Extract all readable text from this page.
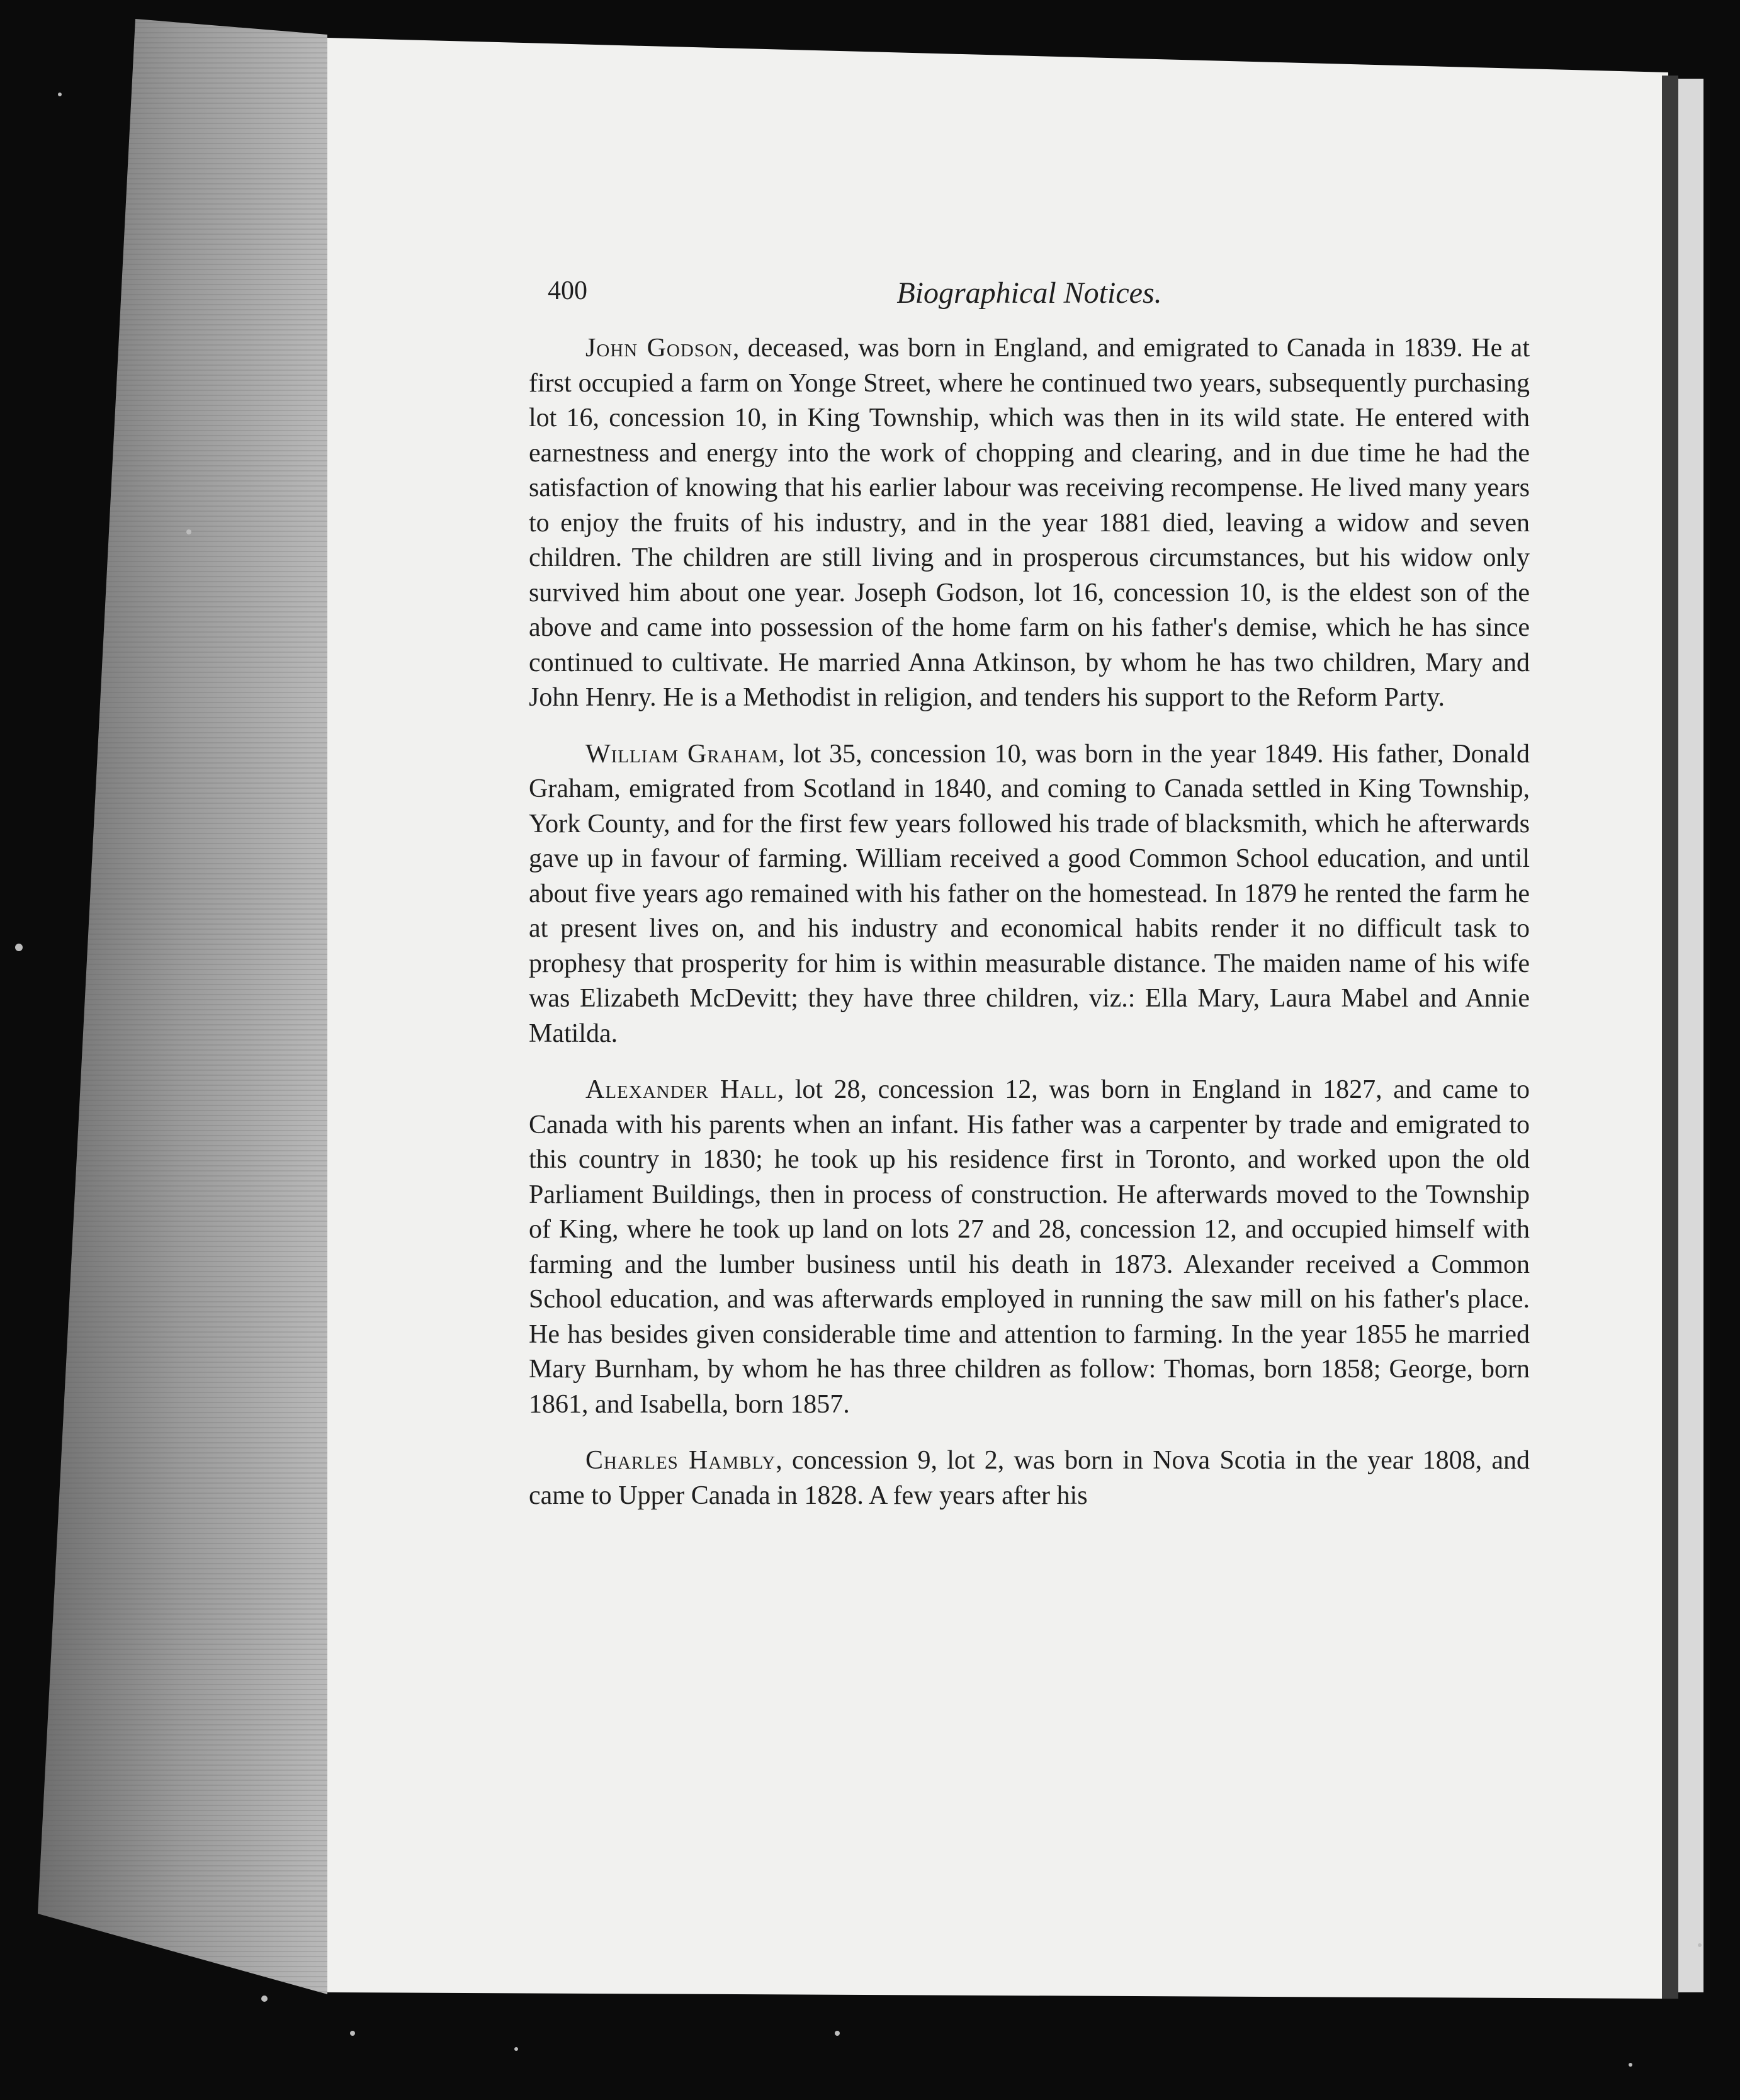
400	Biographical Notices.

John Godson, deceased, was born in England, and emigrated to Canada in 1839. He at first occupied a farm on Yonge Street, where he continued two years, subsequently purchasing lot 16, concession 10, in King Township, which was then in its wild state. He entered with earnestness and energy into the work of chopping and clearing, and in due time he had the satisfaction of knowing that his earlier labour was receiving recompense. He lived many years to enjoy the fruits of his industry, and in the year 1881 died, leaving a widow and seven children. The children are still living and in prosperous circumstances, but his widow only survived him about one year. Joseph Godson, lot 16, concession 10, is the eldest son of the above and came into possession of the home farm on his father's demise, which he has since continued to cultivate. He married Anna Atkinson, by whom he has two children, Mary and John Henry. He is a Methodist in religion, and tenders his support to the Reform Party.

William Graham, lot 35, concession 10, was born in the year 1849. His father, Donald Graham, emigrated from Scotland in 1840, and coming to Canada settled in King Township, York County, and for the first few years followed his trade of blacksmith, which he afterwards gave up in favour of farming. William received a good Common School education, and until about five years ago remained with his father on the homestead. In 1879 he rented the farm he at present lives on, and his industry and economical habits render it no difficult task to prophesy that prosperity for him is within measurable distance. The maiden name of his wife was Elizabeth McDevitt; they have three children, viz.: Ella Mary, Laura Mabel and Annie Matilda.

Alexander Hall, lot 28, concession 12, was born in England in 1827, and came to Canada with his parents when an infant. His father was a carpenter by trade and emigrated to this country in 1830; he took up his residence first in Toronto, and worked upon the old Parliament Buildings, then in process of construction. He afterwards moved to the Township of King, where he took up land on lots 27 and 28, concession 12, and occupied himself with farming and the lumber business until his death in 1873. Alexander received a Common School education, and was afterwards employed in running the saw mill on his father's place. He has besides given considerable time and attention to farming. In the year 1855 he married Mary Burnham, by whom he has three children as follow: Thomas, born 1858; George, born 1861, and Isabella, born 1857.

Charles Hambly, concession 9, lot 2, was born in Nova Scotia in the year 1808, and came to Upper Canada in 1828. A few years after his
